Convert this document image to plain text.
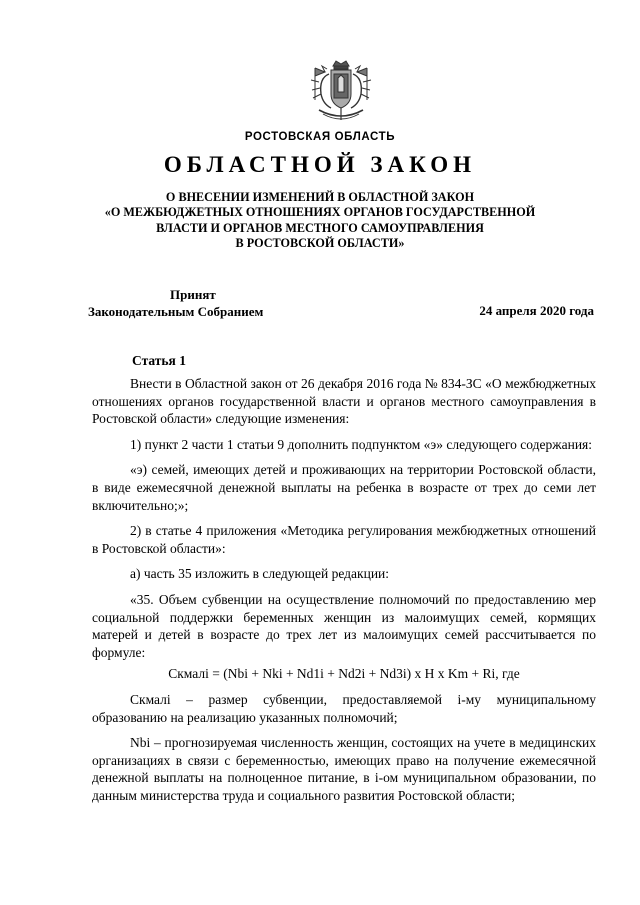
РОСТОВСКАЯ ОБЛАСТЬ
ОБЛАСТНОЙ ЗАКОН
О ВНЕСЕНИИ ИЗМЕНЕНИЙ В ОБЛАСТНОЙ ЗАКОН
«О МЕЖБЮДЖЕТНЫХ ОТНОШЕНИЯХ ОРГАНОВ ГОСУДАРСТВЕННОЙ
ВЛАСТИ И ОРГАНОВ МЕСТНОГО САМОУПРАВЛЕНИЯ
В РОСТОВСКОЙ ОБЛАСТИ»
Принят
Законодательным Собранием	24 апреля 2020 года
Статья 1

Внести в Областной закон от 26 декабря 2016 года № 834-ЗС «О межбюджетных отношениях органов государственной власти и органов местного самоуправления в Ростовской области» следующие изменения:

1) пункт 2 части 1 статьи 9 дополнить подпунктом «э» следующего содержания:

«э) семей, имеющих детей и проживающих на территории Ростовской области, в виде ежемесячной денежной выплаты на ребенка в возрасте от трех до семи лет включительно;»;

2) в статье 4 приложения «Методика регулирования межбюджетных отношений в Ростовской области»:

а) часть 35 изложить в следующей редакции:

«35. Объем субвенции на осуществление полномочий по предоставлению мер социальной поддержки беременных женщин из малоимущих семей, кормящих матерей и детей в возрасте до трех лет из малоимущих семей рассчитывается по формуле:

Скмалi = (Nbi + Nki + Nd1i + Nd2i + Nd3i) х Н х Km + Ri, где

Скмалi – размер субвенции, предоставляемой i-му муниципальному образованию на реализацию указанных полномочий;

Nbi – прогнозируемая численность женщин, состоящих на учете в медицинских организациях в связи с беременностью, имеющих право на получение ежемесячной денежной выплаты на полноценное питание, в i-ом муниципальном образовании, по данным министерства труда и социального развития Ростовской области;
